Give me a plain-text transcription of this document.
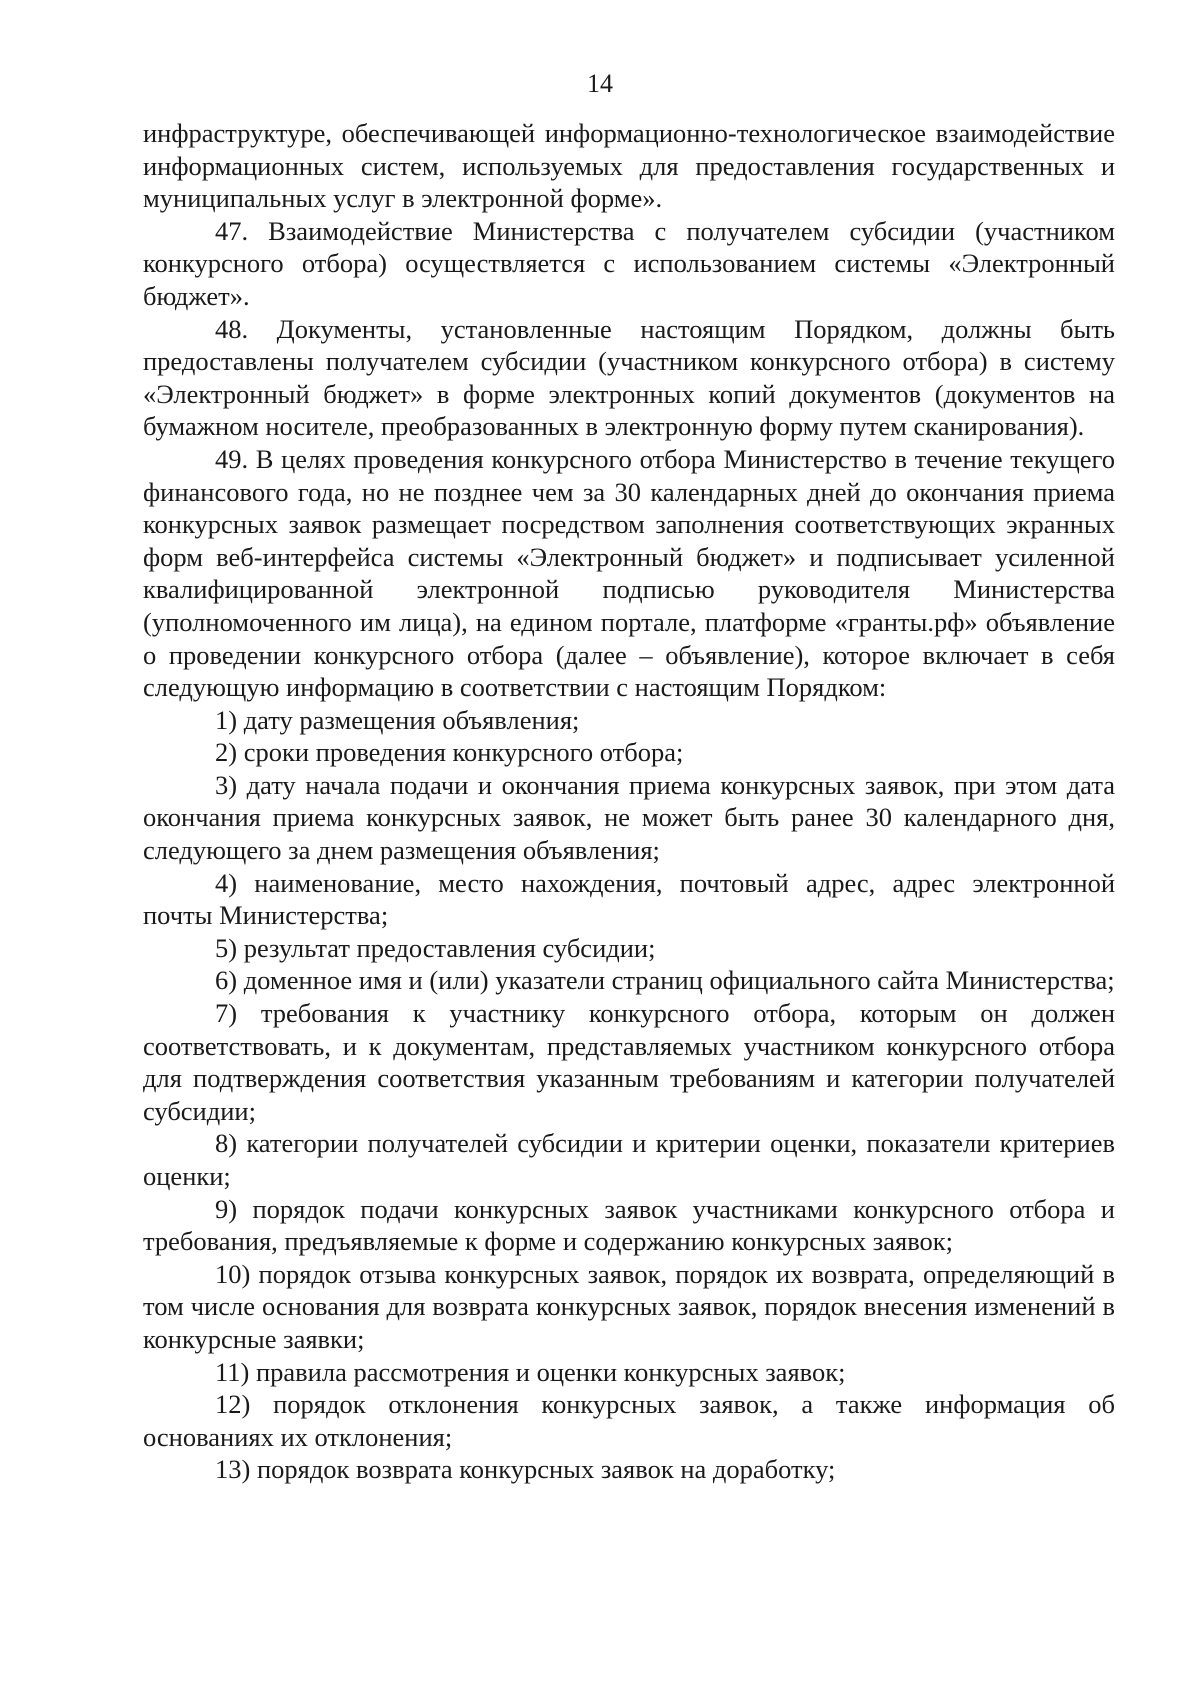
14

инфраструктуре, обеспечивающей информационно-технологическое взаимодействие информационных систем, используемых для предоставления государственных и муниципальных услуг в электронной форме».

47. Взаимодействие Министерства с получателем субсидии (участником конкурсного отбора) осуществляется с использованием системы «Электронный бюджет».

48. Документы, установленные настоящим Порядком, должны быть предоставлены получателем субсидии (участником конкурсного отбора) в систему «Электронный бюджет» в форме электронных копий документов (документов на бумажном носителе, преобразованных в электронную форму путем сканирования).

49. В целях проведения конкурсного отбора Министерство в течение текущего финансового года, но не позднее чем за 30 календарных дней до окончания приема конкурсных заявок размещает посредством заполнения соответствующих экранных форм веб-интерфейса системы «Электронный бюджет» и подписывает усиленной квалифицированной электронной подписью руководителя Министерства (уполномоченного им лица), на едином портале, платформе «гранты.рф» объявление о проведении конкурсного отбора (далее – объявление), которое включает в себя следующую информацию в соответствии с настоящим Порядком:

1) дату размещения объявления;

2) сроки проведения конкурсного отбора;

3) дату начала подачи и окончания приема конкурсных заявок, при этом дата окончания приема конкурсных заявок, не может быть ранее 30 календарного дня, следующего за днем размещения объявления;

4) наименование, место нахождения, почтовый адрес, адрес электронной почты Министерства;

5) результат предоставления субсидии;

6) доменное имя и (или) указатели страниц официального сайта Министерства;

7) требования к участнику конкурсного отбора, которым он должен соответствовать, и к документам, представляемых участником конкурсного отбора для подтверждения соответствия указанным требованиям и категории получателей субсидии;

8) категории получателей субсидии и критерии оценки, показатели критериев оценки;

9) порядок подачи конкурсных заявок участниками конкурсного отбора и требования, предъявляемые к форме и содержанию конкурсных заявок;

10) порядок отзыва конкурсных заявок, порядок их возврата, определяющий в том числе основания для возврата конкурсных заявок, порядок внесения изменений в конкурсные заявки;

11) правила рассмотрения и оценки конкурсных заявок;

12) порядок отклонения конкурсных заявок, а также информация об основаниях их отклонения;

13) порядок возврата конкурсных заявок на доработку;
